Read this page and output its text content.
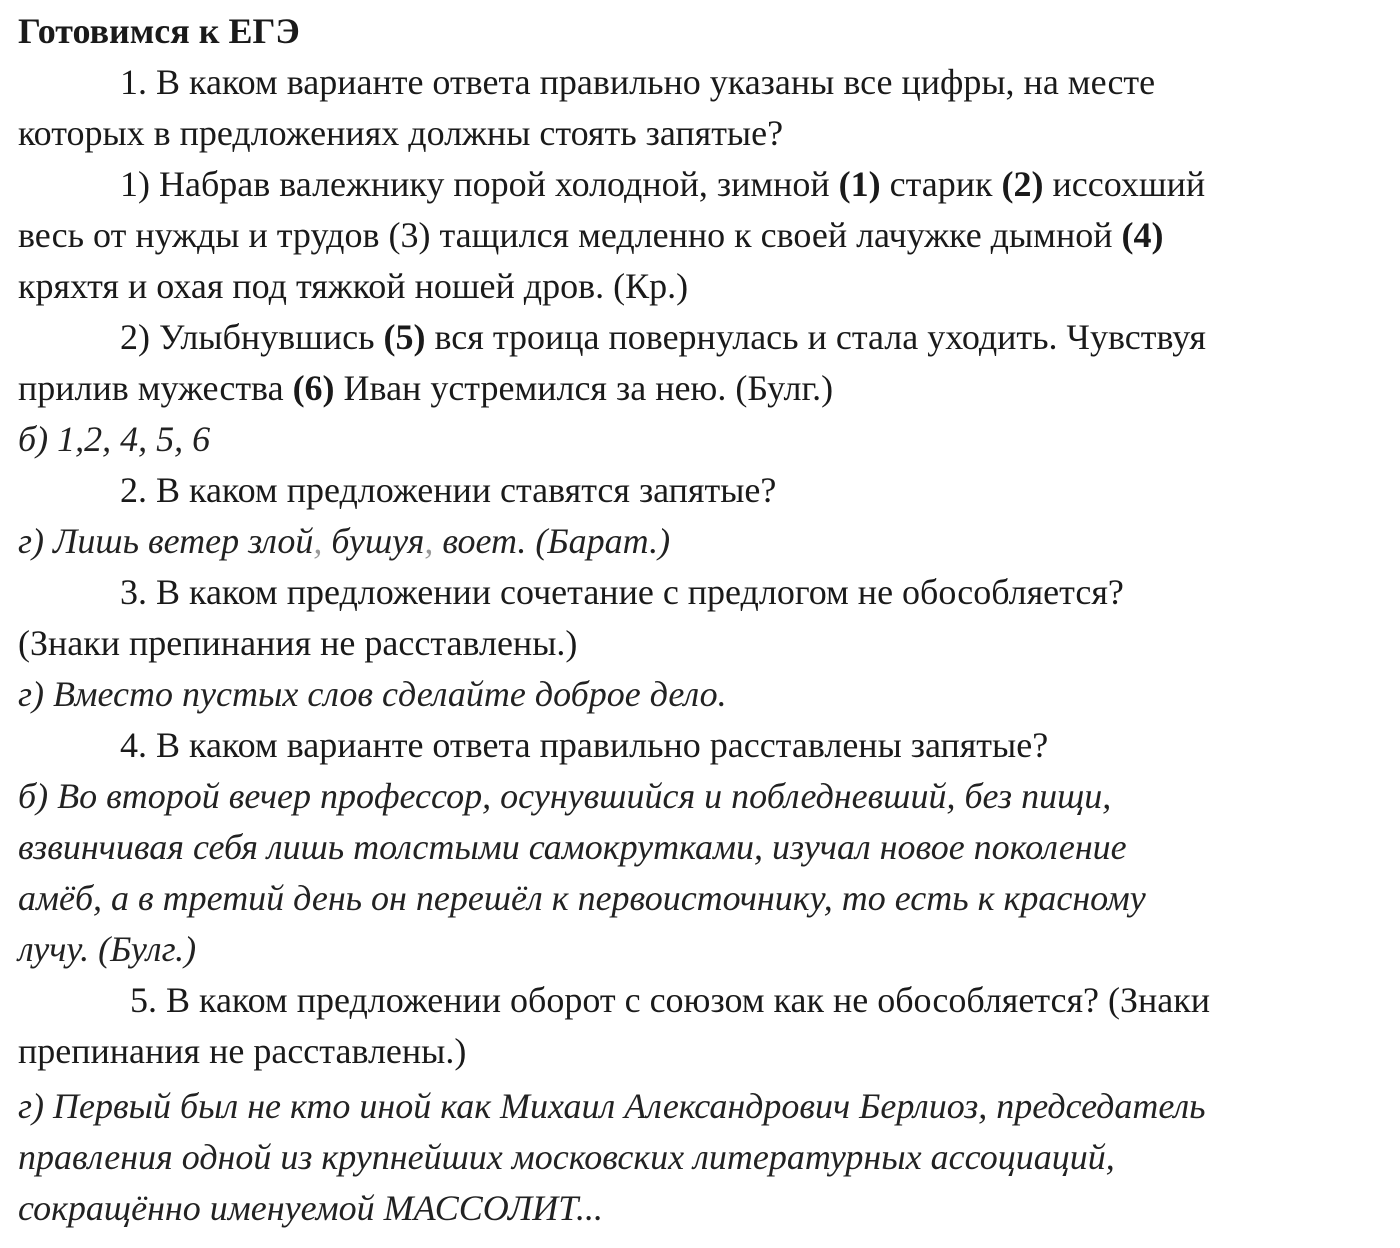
Готовимся к ЕГЭ

1. В каком варианте ответа правильно указаны все цифры, на месте

которых в предложениях должны стоять запятые?

1) Набрав валежнику порой холодной, зимной (1) старик (2) иссохший

весь от нужды и трудов (3) тащился медленно к своей лачужке дымной (4)

кряхтя и охая под тяжкой ношей дров. (Кр.)

2) Улыбнувшись (5) вся троица повернулась и стала уходить. Чувствуя

прилив мужества (6) Иван устремился за нею. (Булг.)

б) 1,2, 4, 5, 6

2. В каком предложении ставятся запятые?

г) Лишь ветер злой, бушуя, воет. (Барат.)

3. В каком предложении сочетание с предлогом не обособляется?

(Знаки препинания не расставлены.)

г) Вместо пустых слов сделайте доброе дело.

4. В каком варианте ответа правильно расставлены запятые?

б) Во второй вечер профессор, осунувшийся и побледневший, без пищи,

взвинчивая себя лишь толстыми самокрутками, изучал новое поколение

амёб, а в третий день он перешёл к первоисточнику, то есть к красному

лучу. (Булг.)

5. В каком предложении оборот с союзом как не обособляется? (Знаки

препинания не расставлены.)

г) Первый был не кто иной как Михаил Александрович Берлиоз, председатель

правления одной из крупнейших московских литературных ассоциаций,

сокращённо именуемой МАССОЛИТ...
